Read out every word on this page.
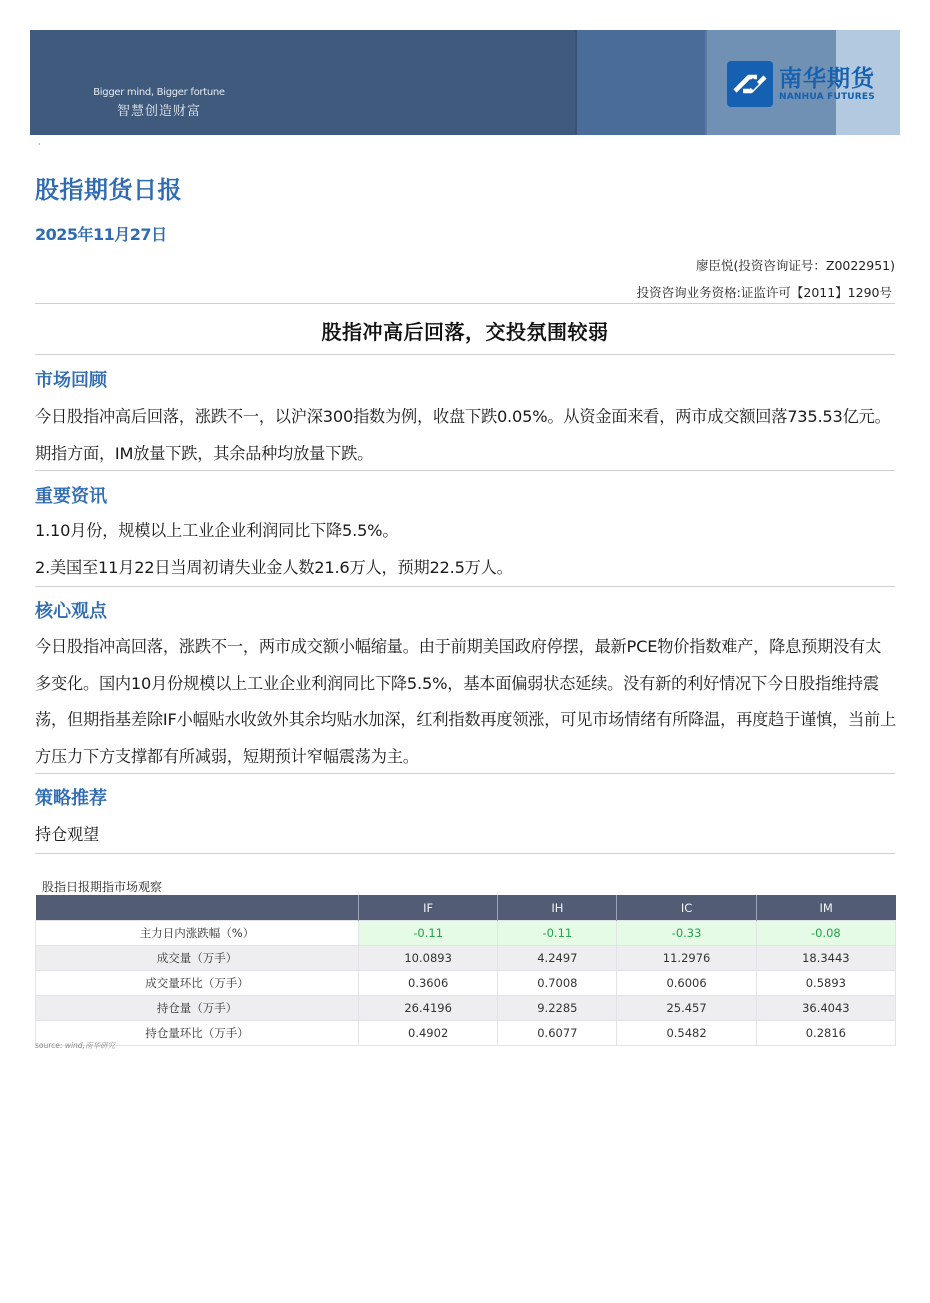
Bigger mind, Bigger fortune
智慧创造财富
南华期货
NANHUA FUTURES
·
股指期货日报
2025年11月27日
廖臣悦(投资咨询证号：Z0022951)
投资咨询业务资格:证监许可【2011】1290号
股指冲高后回落，交投氛围较弱
市场回顾
今日股指冲高后回落，涨跌不一，以沪深300指数为例，收盘下跌0.05%。从资金面来看，两市成交额回落735.53亿元。期指方面，IM放量下跌，其余品种均放量下跌。
重要资讯
1.10月份，规模以上工业企业利润同比下降5.5%。
2.美国至11月22日当周初请失业金人数21.6万人，预期22.5万人。
核心观点
今日股指冲高回落，涨跌不一，两市成交额小幅缩量。由于前期美国政府停摆，最新PCE物价指数难产，降息预期没有太多变化。国内10月份规模以上工业企业利润同比下降5.5%，基本面偏弱状态延续。没有新的利好情况下今日股指维持震荡，但期指基差除IF小幅贴水收敛外其余均贴水加深，红利指数再度领涨，可见市场情绪有所降温，再度趋于谨慎，当前上方压力下方支撑都有所减弱，短期预计窄幅震荡为主。
策略推荐
持仓观望
股指日报期指市场观察
	IF	IH	IC	IM
主力日内涨跌幅（%）	-0.11	-0.11	-0.33	-0.08
成交量（万手）	10.0893	4.2497	11.2976	18.3443
成交量环比（万手）	0.3606	0.7008	0.6006	0.5893
持仓量（万手）	26.4196	9.2285	25.457	36.4043
持仓量环比（万手）	0.4902	0.6077	0.5482	0.2816
source: wind,南华研究
